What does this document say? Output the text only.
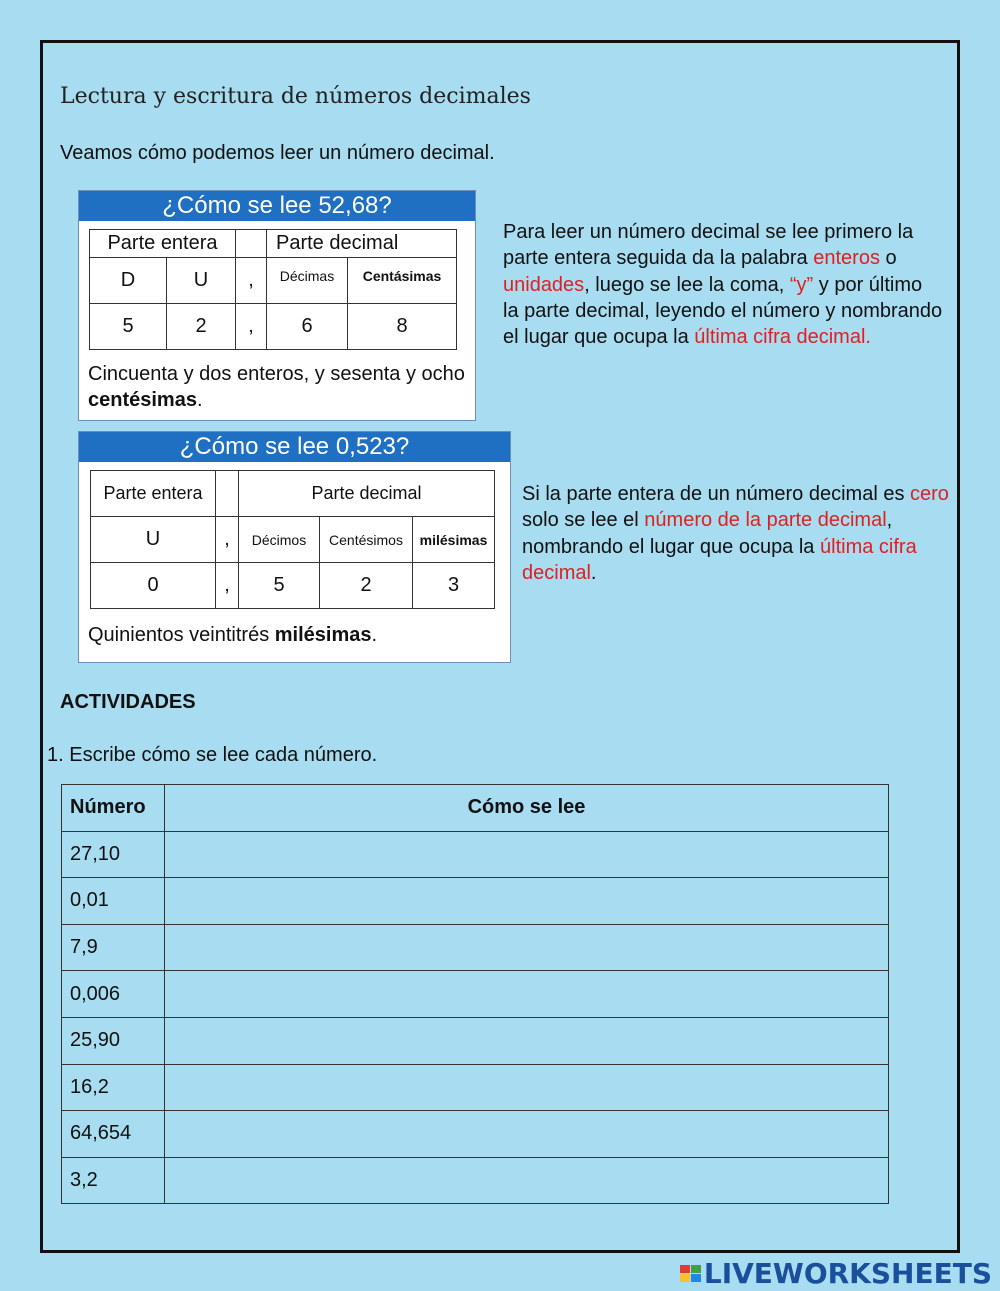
Lectura y escritura de números decimales
Veamos cómo podemos leer un número decimal.
¿Cómo se lee 52,68?
Parte entera			Parte decimal	
D	U	,	Décimas	Centásimas
5	2	,	6	8
Cincuenta y dos enteros, y sesenta y ocho centésimas.
Para leer un número decimal se lee primero la parte entera seguida da la palabra enteros o unidades, luego se lee la coma, “y” y por último la parte decimal, leyendo el número y nombrando el lugar que ocupa la última cifra decimal.
¿Cómo se lee 0,523?
Parte entera		Parte decimal		
U	,	Décimos	Centésimos	milésimas
0	,	5	2	3
Quinientos veintitrés milésimas.
Si la parte entera de un número decimal es cero solo se lee el número de la parte decimal, nombrando el lugar que ocupa la última cifra decimal.
ACTIVIDADES
1. Escribe cómo se lee cada número.
Número	Cómo se lee
27,10	
0,01	
7,9	
0,006	
25,90	
16,2	
64,654	
3,2	
LIVEWORKSHEETS
